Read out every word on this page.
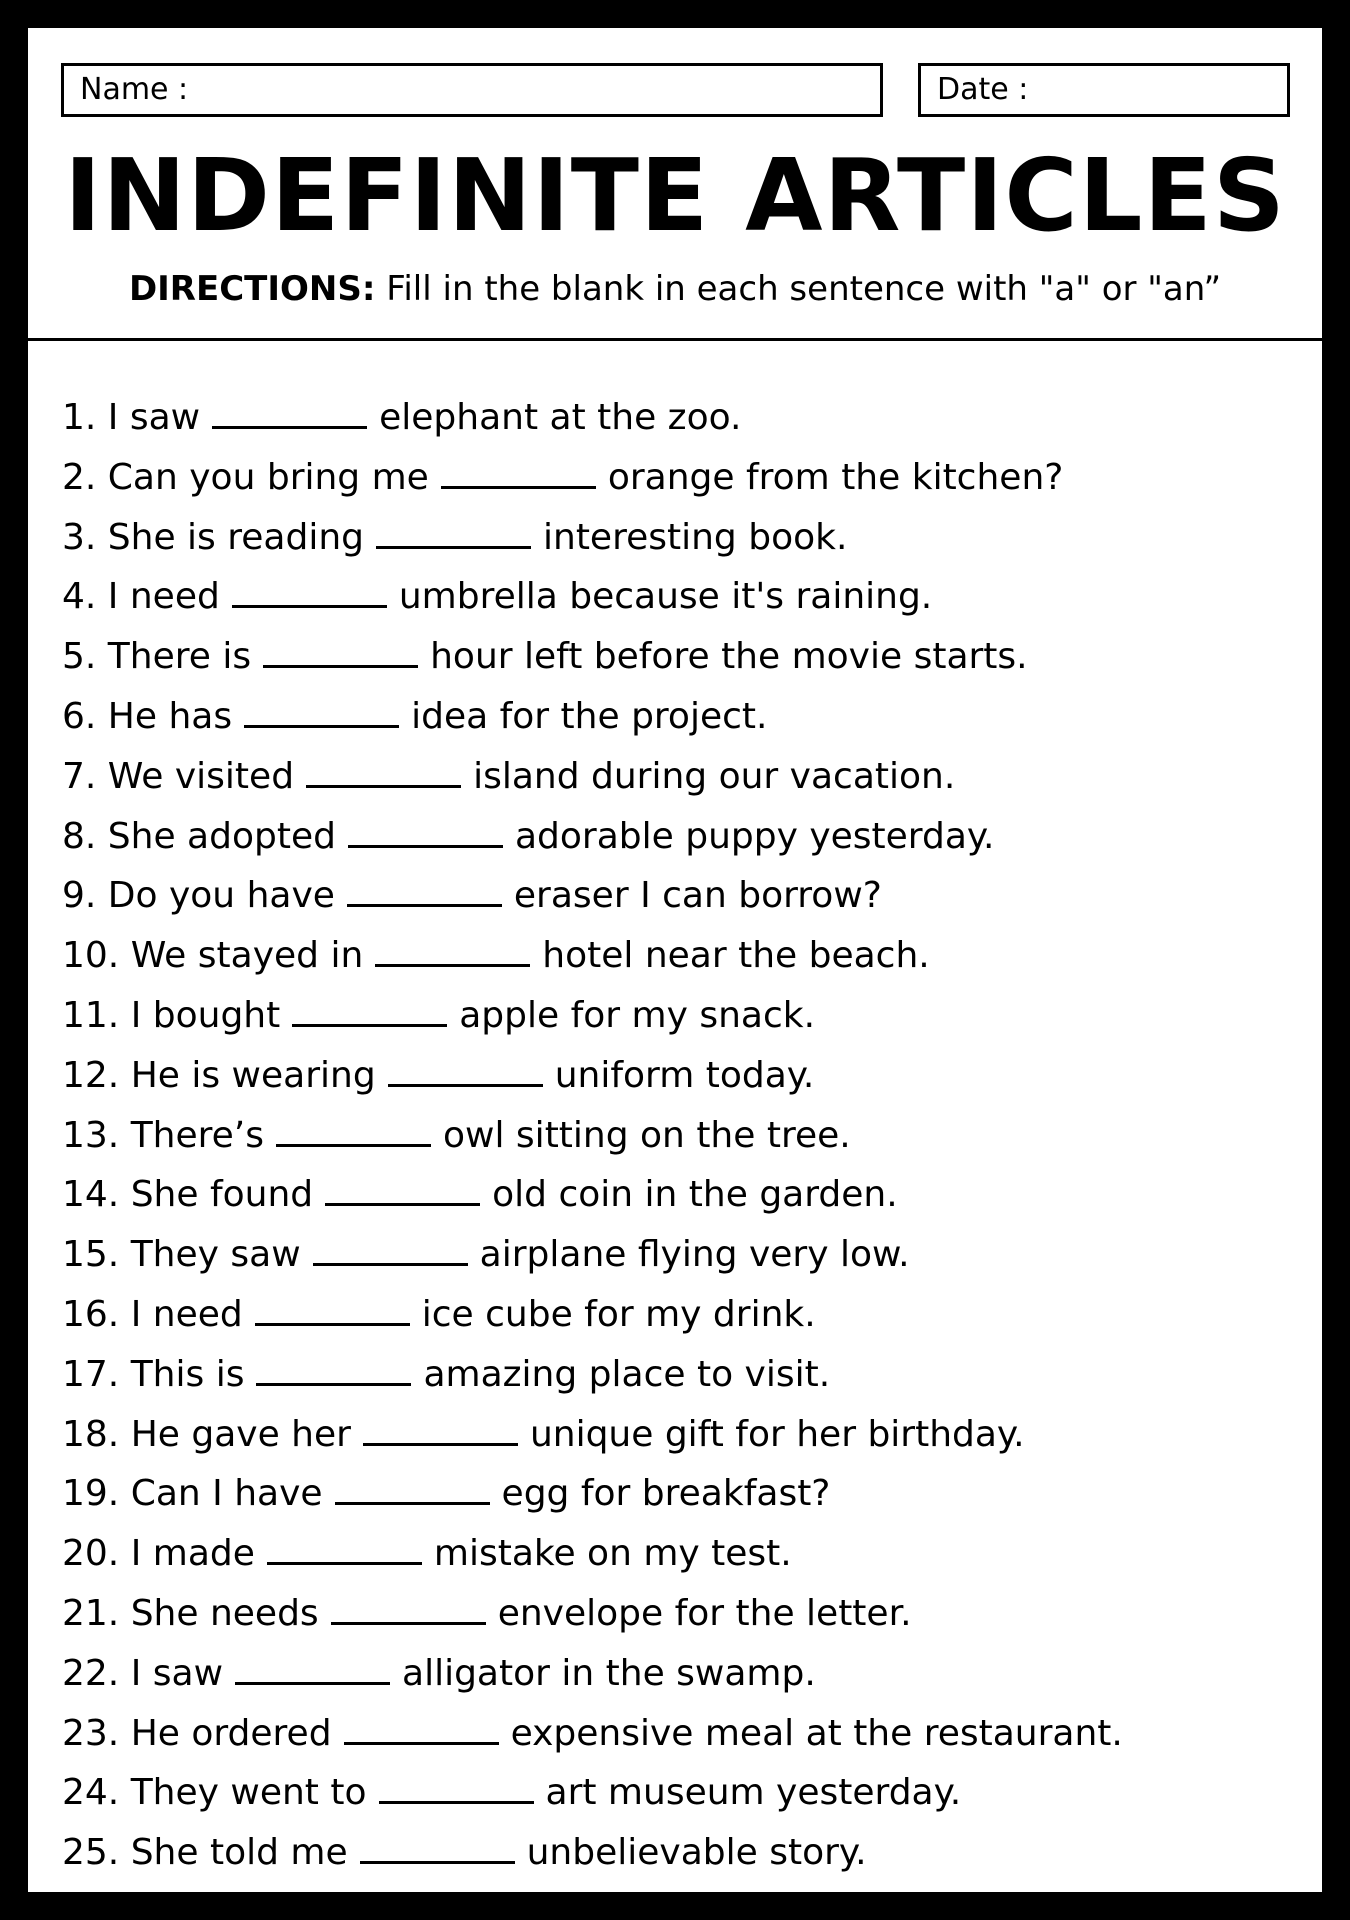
Name :	Date :
INDEFINITE ARTICLES
DIRECTIONS: Fill in the blank in each sentence with "a" or "an”
1. I saw	elephant at the zoo.
2. Can you bring me	orange from the kitchen?
3. She is reading	interesting book.
4. I need	umbrella because it's raining.
5. There is	hour left before the movie starts.
6. He has	idea for the project.
7. We visited	island during our vacation.
8. She adopted	adorable puppy yesterday.
9. Do you have	eraser I can borrow?
10. We stayed in	hotel near the beach.
11. I bought	apple for my snack.
12. He is wearing	uniform today.
13. There’s	owl sitting on the tree.
14. She found	old coin in the garden.
15. They saw	airplane flying very low.
16. I need	ice cube for my drink.
17. This is	amazing place to visit.
18. He gave her	unique gift for her birthday.
19. Can I have	egg for breakfast?
20. I made	mistake on my test.
21. She needs	envelope for the letter.
22. I saw	alligator in the swamp.
23. He ordered	expensive meal at the restaurant.
24. They went to	art museum yesterday.
25. She told me	unbelievable story.
